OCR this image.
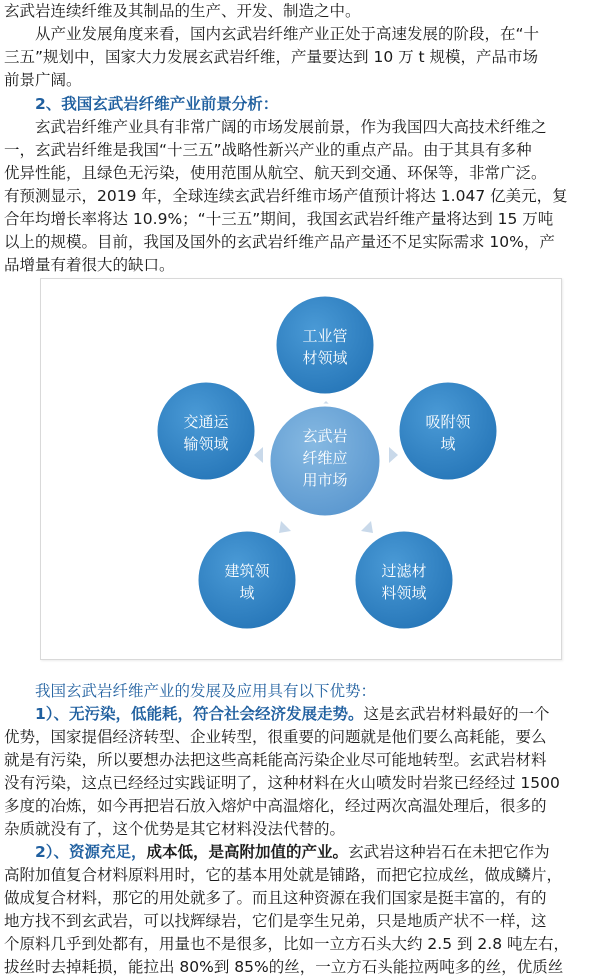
玄武岩连续纤维及其制品的生产、开发、制造之中。
从产业发展角度来看，国内玄武岩纤维产业正处于高速发展的阶段，在“十
三五”规划中，国家大力发展玄武岩纤维，产量要达到 10 万 t 规模，产品市场
前景广阔。
2、我国玄武岩纤维产业前景分析：
玄武岩纤维产业具有非常广阔的市场发展前景，作为我国四大高技术纤维之
一，玄武岩纤维是我国“十三五”战略性新兴产业的重点产品。由于其具有多种
优异性能，且绿色无污染，使用范围从航空、航天到交通、环保等，非常广泛。
有预测显示，2019 年，全球连续玄武岩纤维市场产值预计将达 1.047 亿美元，复
合年均增长率将达 10.9%；“十三五”期间，我国玄武岩纤维产量将达到 15 万吨
以上的规模。目前，我国及国外的玄武岩纤维产品产量还不足实际需求 10%，产
品增量有着很大的缺口。
工业管
材领域
吸附领
域
过滤材
料领域
建筑领
域
交通运
输领域	玄武岩
纤维应
用市场
我国玄武岩纤维产业的发展及应用具有以下优势：
1）、无污染，低能耗，符合社会经济发展走势。这是玄武岩材料最好的一个
优势，国家提倡经济转型、企业转型，很重要的问题就是他们要么高耗能，要么
就是有污染，所以要想办法把这些高耗能高污染企业尽可能地转型。玄武岩材料
没有污染，这点已经经过实践证明了，这种材料在火山喷发时岩浆已经经过 1500
多度的冶炼，如今再把岩石放入熔炉中高温熔化，经过两次高温处理后，很多的
杂质就没有了，这个优势是其它材料没法代替的。
2）、资源充足，成本低，是高附加值的产业。玄武岩这种岩石在未把它作为
高附加值复合材料原料用时，它的基本用处就是铺路，而把它拉成丝，做成鳞片，
做成复合材料，那它的用处就多了。而且这种资源在我们国家是挺丰富的，有的
地方找不到玄武岩，可以找辉绿岩，它们是孪生兄弟，只是地质产状不一样，这
个原料几乎到处都有，用量也不是很多，比如一立方石头大约 2.5 到 2.8 吨左右，
拔丝时去掉耗损，能拉出 80%到 85%的丝，一立方石头能拉两吨多的丝，优质丝
